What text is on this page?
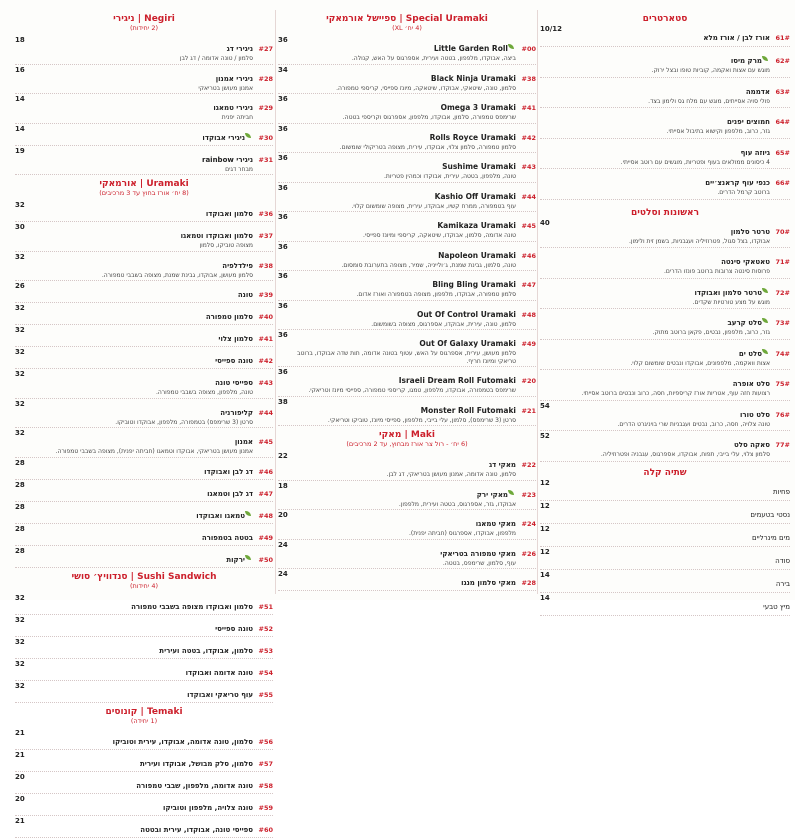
סטארטרים
61#אורז לבן / אורז מלא
10/12
62#מרק מיסו
מוגש עם אצות ואקמה, קוביות טופו ובצל ירוק.
63#אדממה
פולי סויה אסייתים, מוגש עם מלח גס ולימון בצד.
64#חמוצים יפנים
גזר, כרוב, מלפפון וקישוא בתיבול אסייתי.
65#גיוזה עוף
4 כיסונים ממולאים בעוף ופטריות, מוגשים עם רוטב אסייתי.
66#כנפי עוף קראנצ׳יים
ברוטב קרמל הדרים.
ראשונות וסלטים
70#טרטר סלמון
אבוקדו, בצל סגול, פטרוזיליה ועגבניות, בשמן זית ולימון.
40
71#טאטאקי סינטה
פרוסות סינטה צרובות ברוטב פונזו הדרים.
72#טרטר סלמון ואבוקדו
מוגש על מצע טורטיות שקדים.
73#סלט קרעב
גזר, כרוב, מלפפון, נבטים, פקאן ברוטב מתוק.
74#סלט ים
אצות וואקמה, מלפפונים, אבוקדו ונבטים שומשום קלוי.
75#סלט אופרה
רצועות חזה עוף, אטריות אורז קריספיות, חסה, כרוב ונבטים ברוטב אסייתי.
76#סלט טורו
טונה צלויה, חסה, כרוב, נבטים ועגבניות שרי בויניגרט הדרים.
54
77#סאקה סלט
סלמון צלוי, עלי בייבי, תפוח, אבוקדו, אספרגוס, עגבניה ופטרוזיליה.
52
שתיה קלה
פחיות
12
נסטי בטעמים
12
מים מינרליים
12
סודה
12
בירה
14
מיץ טבעי
14
Special Uramaki | ספיישל אורמאקי
(4 יח׳ XL)
#00Little Garden Roll
ביצה, אבוקדו, מלפפון, בטטה ועירית, אספרגוס על האש, קנולה.
36
#38Black Ninja Uramaki
סלמון, טונה, שיטאקי, אבוקדו, שיטאקה, מיונז ספייסי, קריספי טמפורה.
34
#41Omega 3 Uramaki
שרימפס טמפורה, סלמון, אבוקדו, מלפפון, אספרגוס וקריספי בטטה.
36
#42Rolls Royce Uramaki
סלמון טמפורה, סלמון צלוי, אבוקדו, עירית, מצופה בטריקולי שומשום.
36
#43Sushime Uramaki
טונה, מלפפון, בטטה, עירית, אבוקדו וכמהין פטריות.
36
#44Kashio Off Uramaki
עוף בטמפורה, ממרח קשיו, אבוקדו, עירית, מצופה שומשום קלוי.
36
#45Kamikaza Uramaki
טונה אדומה, סלמון, אבוקדו, שיטאקה, קריספי ומיונז ספייסי.
36
#46Napoleon Uramaki
טונה, סלמון, גבינת שמנת, ג׳ולייניה, שמיר, מצופה בתערובת סומסום.
36
#47Bling Bling Uramaki
סלמון טמפורה, אבוקדו, מלפפון, מצופה בטמפורה ואורז אדום.
36
#48Out Of Control Uramaki
סלמון, טונה, עירית, אבוקדו, אספרגוס, מצופה בשומשום.
36
#49Out Of Galaxy Uramaki
סלמון מעושן, עירית, אספרגוס על האש, עטוף בטונה אדומה, תות שדה אבוקדו, ברוטב טריאקי ומיונז חריף.
36
#20Israeli Dream Roll Futomaki
שרימפס בטמפורה, אבוקדו, מלפפון, טמגו, קריספי טמפורה, ספייסי מיונז וטריאקי.
36
#21Monster Roll Futomaki
סרטן (3 שרימפס), סלמון, עלי בייבי, מלפפון, ספייסי מיונז, טוביקו וטריאקי.
38
Maki | מאקי
(6 יח׳ - רול צר אורז מבחוץ, עד 2 מרכיבים)
#22מאקי דג
סלמון, טונה אדומה, אמנון מעושן בטריאקי, דג לבן.
22
#23מאקי ירק
אבוקדו, גזר, אספרגוס, בטטה ועירית, מלפפון.
18
#24מאקי טמאגו
מלפפון, אבוקדו, אספרגוס (חביתה יפנית).
20
#26מאקי טמפורה בטריאקי
עוף, סלמון, שרימפס, בטטה.
24
#28מאקי סלמון מנגו
24
Negiri | ניגירי
(2 יחידות)
#27ניגירי דג
סלמון / טונה אדומה / דג לבן
18
#28ניגירי אמנון
אמנון מעושן בטריאקי
16
#29ניגירי טמאגו
חביתה יפנית
14
#30ניגירי אבוקדו
14
#31ניגירי rainbow
מבחר דגים
19
Uramaki | אורמאקי
(8 יח׳ אורז בחוץ עד 3 מרכיבים)
#36סלמון ואבוקדו
32
#37סלמון ואבוקדו וטמאגו
מצופה טוביקו, סלמון
30
#38פילדלפיה
סלמון מעושן, אבוקדו, גבינת שמנת, מצופה בשבבי טמפורה.
32
#39טונה
26
#40סלמון טמפורה
32
#41סלמון צלוי
32
#42טונה ספייסי
32
#43ספייסי טונה
טונה, מלפפון, מצופה בשבבי טמפורה.
32
#44קליפורניה
סרטן (3 שרימפס) בטמפורה, מלפפון, אבוקדו וטוביקו.
32
#45אמנון
אמנון מעושן בטריאקי, אבוקדו וטמאגו (חביתה יפנית), מצופה בשבבי טמפורה.
32
#46דג לבן ואבוקדו
28
#47דג לבן וטמאגו
28
#48טמאגו ואבוקדו
28
#49בטטה בטמפורה
28
#50ירקות
28
Sushi Sandwich | סנדוויץ׳ סושי
(4 יחידות)
#51סלמון ואבוקדו מצופה בשבבי טמפורה
32
#52טונה ספייסי
32
#53סלמון, אבוקדו, בטטה ועירית
32
#54טונה אדומה ואבוקדו
32
#55עוף טריאקי ואבוקדו
32
Temaki | קונוסים
(1 יחידה)
#56סלמון, טונה אדומה, אבוקדו, עירית וטוביקו
21
#57סלמון, סלק מבושל, אבוקדו ועירית
21
#58טונה אדומה, מלפפון, שבבי טמפורה
20
#59טונה צלויה, מלפפון וטוביקו
20
#60ספייסי טונה, אבוקדו, עירית ובטטה
21
